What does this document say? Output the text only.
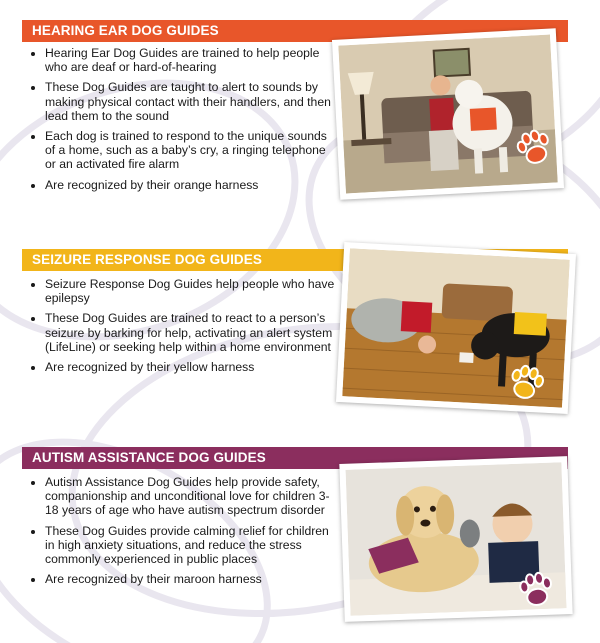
HEARING EAR DOG GUIDES
• Hearing Ear Dog Guides are trained to help people who are deaf or hard-of-hearing
• These Dog Guides are taught to alert to sounds by making physical contact with their handlers, and then lead them to the sound
• Each dog is trained to respond to the unique sounds of a home, such as a baby’s cry, a ringing telephone or an activated fire alarm
• Are recognized by their orange harness
SEIZURE RESPONSE DOG GUIDES
• Seizure Response Dog Guides help people who have epilepsy
• These Dog Guides are trained to react to a person’s seizure by barking for help, activating an alert system (LifeLine) or seeking help within a home environment
• Are recognized by their yellow harness
AUTISM ASSISTANCE DOG GUIDES
• Autism Assistance Dog Guides help provide safety, companionship and unconditional love for children 3-18 years of age who have autism spectrum disorder
• These Dog Guides provide calming relief for children in high anxiety situations, and reduce the stress commonly experienced in public places
• Are recognized by their maroon harness
